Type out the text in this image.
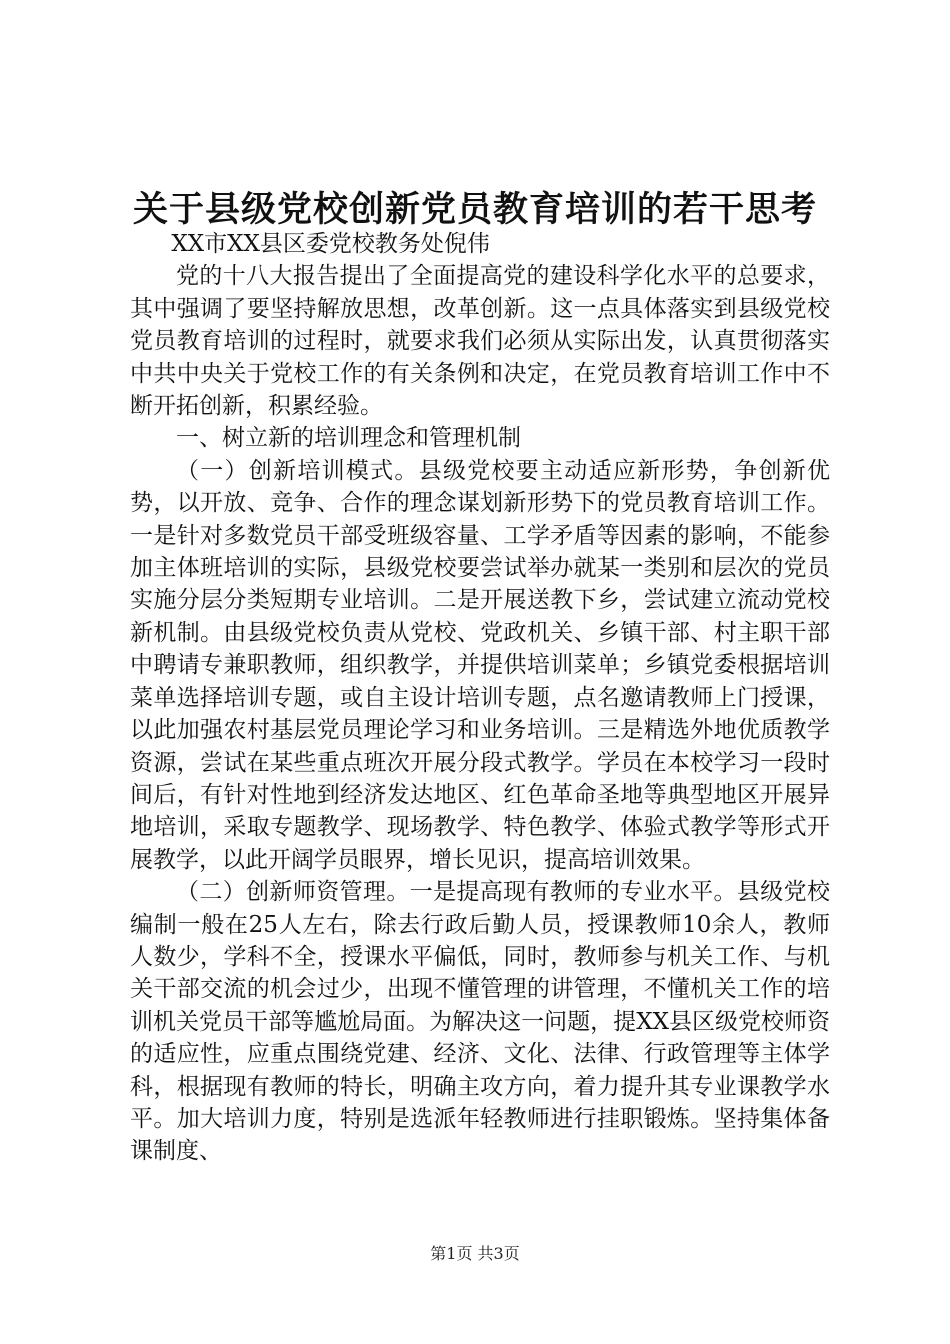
关于县级党校创新党员教育培训的若干思考

XX市XX县区委党校教务处倪伟

党的十八大报告提出了全面提高党的建设科学化水平的总要求，其中强调了要坚持解放思想，改革创新。这一点具体落实到县级党校党员教育培训的过程时，就要求我们必须从实际出发，认真贯彻落实中共中央关于党校工作的有关条例和决定，在党员教育培训工作中不断开拓创新，积累经验。

一、树立新的培训理念和管理机制

（一）创新培训模式。县级党校要主动适应新形势，争创新优势，以开放、竞争、合作的理念谋划新形势下的党员教育培训工作。一是针对多数党员干部受班级容量、工学矛盾等因素的影响，不能参加主体班培训的实际，县级党校要尝试举办就某一类别和层次的党员实施分层分类短期专业培训。二是开展送教下乡，尝试建立流动党校新机制。由县级党校负责从党校、党政机关、乡镇干部、村主职干部中聘请专兼职教师，组织教学，并提供培训菜单；乡镇党委根据培训菜单选择培训专题，或自主设计培训专题，点名邀请教师上门授课，以此加强农村基层党员理论学习和业务培训。三是精选外地优质教学资源，尝试在某些重点班次开展分段式教学。学员在本校学习一段时间后，有针对性地到经济发达地区、红色革命圣地等典型地区开展异地培训，采取专题教学、现场教学、特色教学、体验式教学等形式开展教学，以此开阔学员眼界，增长见识，提高培训效果。

（二）创新师资管理。一是提高现有教师的专业水平。县级党校编制一般在25人左右，除去行政后勤人员，授课教师10余人，教师人数少，学科不全，授课水平偏低，同时，教师参与机关工作、与机关干部交流的机会过少，出现不懂管理的讲管理，不懂机关工作的培训机关党员干部等尴尬局面。为解决这一问题，提XX县区级党校师资的适应性，应重点围绕党建、经济、文化、法律、行政管理等主体学科，根据现有教师的特长，明确主攻方向，着力提升其专业课教学水平。加大培训力度，特别是选派年轻教师进行挂职锻炼。坚持集体备课制度、

第1页 共3页
